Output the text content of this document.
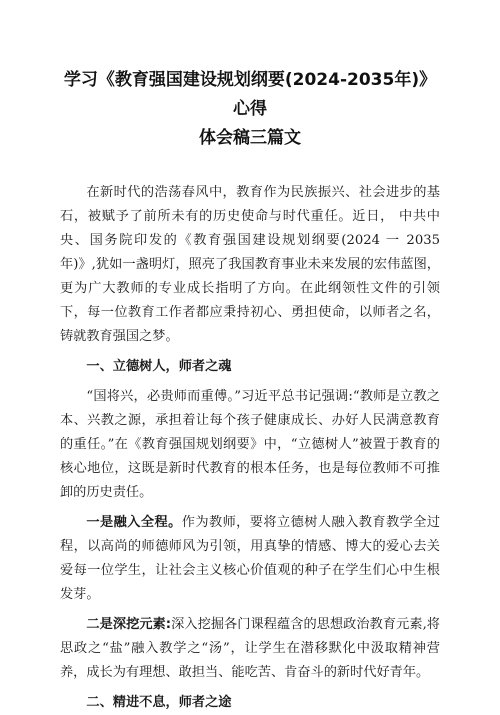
学习《教育强国建设规划纲要(2024-2035年)》心得
体会稿三篇文

在新时代的浩荡春风中，教育作为民族振兴、社会进步的基石，被赋予了前所未有的历史使命与时代重任。近日， 中共中央、国务院印发的《教育强国建设规划纲要(2024 一 2035 年)》,犹如一盏明灯，照亮了我国教育事业未来发展的宏伟蓝图，更为广大教师的专业成长指明了方向。在此纲领性文件的引领下，每一位教育工作者都应秉持初心、勇担使命，以师者之名，铸就教育强国之梦。

一、立德树人，师者之魂

“国将兴，必贵师而重傅。”习近平总书记强调:“教师是立教之本、兴教之源，承担着让每个孩子健康成长、办好人民满意教育的重任。”在《教育强国规划纲要》中，“立德树人”被置于教育的核心地位，这既是新时代教育的根本任务，也是每位教师不可推卸的历史责任。

一是融入全程。作为教师，要将立德树人融入教育教学全过程，以高尚的师德师风为引领，用真挚的情感、博大的爱心去关爱每一位学生，让社会主义核心价值观的种子在学生们心中生根发芽。

二是深挖元素:深入挖掘各门课程蕴含的思想政治教育元素,将思政之“盐”融入教学之“汤”，让学生在潜移默化中汲取精神营养，成长为有理想、敢担当、能吃苦、肯奋斗的新时代好青年。

二、精进不息，师者之途
